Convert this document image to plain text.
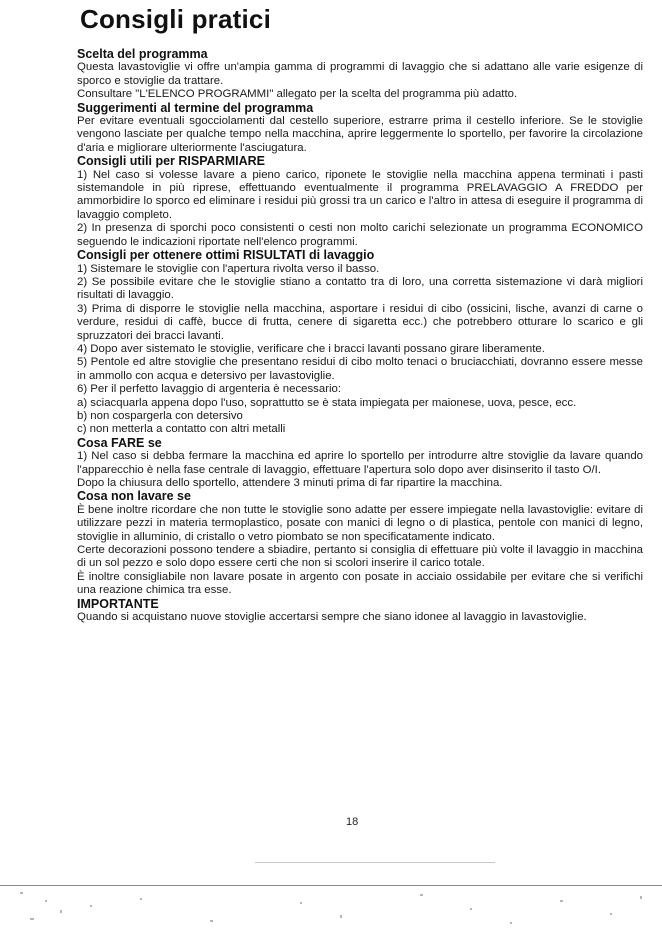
Consigli pratici
Scelta del programma

Questa lavastoviglie vi offre un'ampia gamma di programmi di lavaggio che si adattano alle varie esigenze di sporco e stoviglie da trattare.

Consultare "L'ELENCO PROGRAMMI" allegato per la scelta del programma più adatto.

Suggerimenti al termine del programma

Per evitare eventuali sgocciolamenti dal cestello superiore, estrarre prima il cestello inferiore. Se le stoviglie vengono lasciate per qualche tempo nella macchina, aprire leggermente lo sportello, per favorire la circolazione d'aria e migliorare ulteriormente l'asciugatura.

Consigli utili per RISPARMIARE

1) Nel caso si volesse lavare a pieno carico, riponete le stoviglie nella macchina appena terminati i pasti sistemandole in più riprese, effettuando eventualmente il programma PRELAVAGGIO A FREDDO per ammorbidire lo sporco ed eliminare i residui più grossi tra un carico e l'altro in attesa di eseguire il programma di lavaggio completo.

2) In presenza di sporchi poco consistenti o cesti non molto carichi selezionate un programma ECONOMICO seguendo le indicazioni riportate nell'elenco programmi.

Consigli per ottenere ottimi RISULTATI di lavaggio

1) Sistemare le stoviglie con l'apertura rivolta verso il basso.

2) Se possibile evitare che le stoviglie stiano a contatto tra di loro, una corretta sistemazione vi darà migliori risultati di lavaggio.

3) Prima di disporre le stoviglie nella macchina, asportare i residui di cibo (ossicini, lische, avanzi di carne o verdure, residui di caffè, bucce di frutta, cenere di sigaretta ecc.) che potrebbero otturare lo scarico e gli spruzzatori dei bracci lavanti.

4) Dopo aver sistemato le stoviglie, verificare che i bracci lavanti possano girare liberamente.

5) Pentole ed altre stoviglie che presentano residui di cibo molto tenaci o bruciacchiati, dovranno essere messe in ammollo con acqua e detersivo per lavastoviglie.

6) Per il perfetto lavaggio di argenteria è necessario:

a) sciacquarla appena dopo l'uso, soprattutto se è stata impiegata per maionese, uova, pesce, ecc.

b) non cospargerla con detersivo

c) non metterla a contatto con altri metalli

Cosa FARE se

1) Nel caso si debba fermare la macchina ed aprire lo sportello per introdurre altre stoviglie da lavare quando l'apparecchio è nella fase centrale di lavaggio, effettuare l'apertura solo dopo aver disinserito il tasto O/I.

Dopo la chiusura dello sportello, attendere 3 minuti prima di far ripartire la macchina.

Cosa non lavare se

È bene inoltre ricordare che non tutte le stoviglie sono adatte per essere impiegate nella lavastoviglie: evitare di utilizzare pezzi in materia termoplastico, posate con manici di legno o di plastica, pentole con manici di legno, stoviglie in alluminio, di cristallo o vetro piombato se non specificatamente indicato.

Certe decorazioni possono tendere a sbiadire, pertanto si consiglia di effettuare più volte il lavaggio in macchina di un sol pezzo e solo dopo essere certi che non si scolori inserire il carico totale.

È inoltre consigliabile non lavare posate in argento con posate in acciaio ossidabile per evitare che si verifichi una reazione chimica tra esse.

IMPORTANTE

Quando si acquistano nuove stoviglie accertarsi sempre che siano idonee al lavaggio in lavastoviglie.

18
